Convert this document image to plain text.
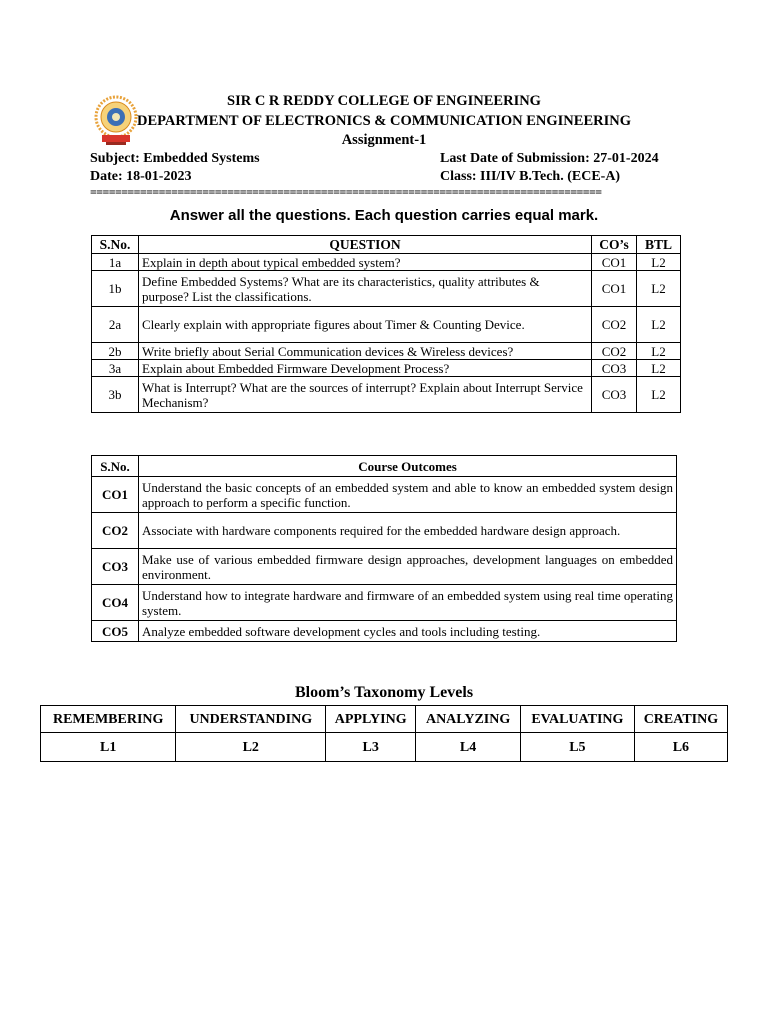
SIR C R REDDY COLLEGE OF ENGINEERING
DEPARTMENT OF ELECTRONICS & COMMUNICATION ENGINEERING
Assignment-1
Subject: Embedded Systems	Last Date of Submission: 27-01-2024
Date: 18-01-2023	Class: III/IV B.Tech. (ECE-A)
==================================================================================
Answer all the questions. Each question carries equal mark.
S.No.	QUESTION	CO’s	BTL
1a	Explain in depth about typical embedded system?	CO1	L2
1b	Define Embedded Systems? What are its characteristics, quality attributes & purpose? List the classifications.	CO1	L2
2a	Clearly explain with appropriate figures about Timer & Counting Device.	CO2	L2
2b	Write briefly about Serial Communication devices & Wireless devices?	CO2	L2
3a	Explain about Embedded Firmware Development Process?	CO3	L2
3b	What is Interrupt? What are the sources of interrupt? Explain about Interrupt Service Mechanism?	CO3	L2
S.No.	Course Outcomes
CO1	Understand the basic concepts of an embedded system and able to know an embedded system design approach to perform a specific function.
CO2	Associate with hardware components required for the embedded hardware design approach.
CO3	Make use of various embedded firmware design approaches, development languages on embedded environment.
CO4	Understand how to integrate hardware and firmware of an embedded system using real time operating system.
CO5	Analyze embedded software development cycles and tools including testing.
Bloom’s Taxonomy Levels
REMEMBERING	UNDERSTANDING	APPLYING	ANALYZING	EVALUATING	CREATING
L1	L2	L3	L4	L5	L6
